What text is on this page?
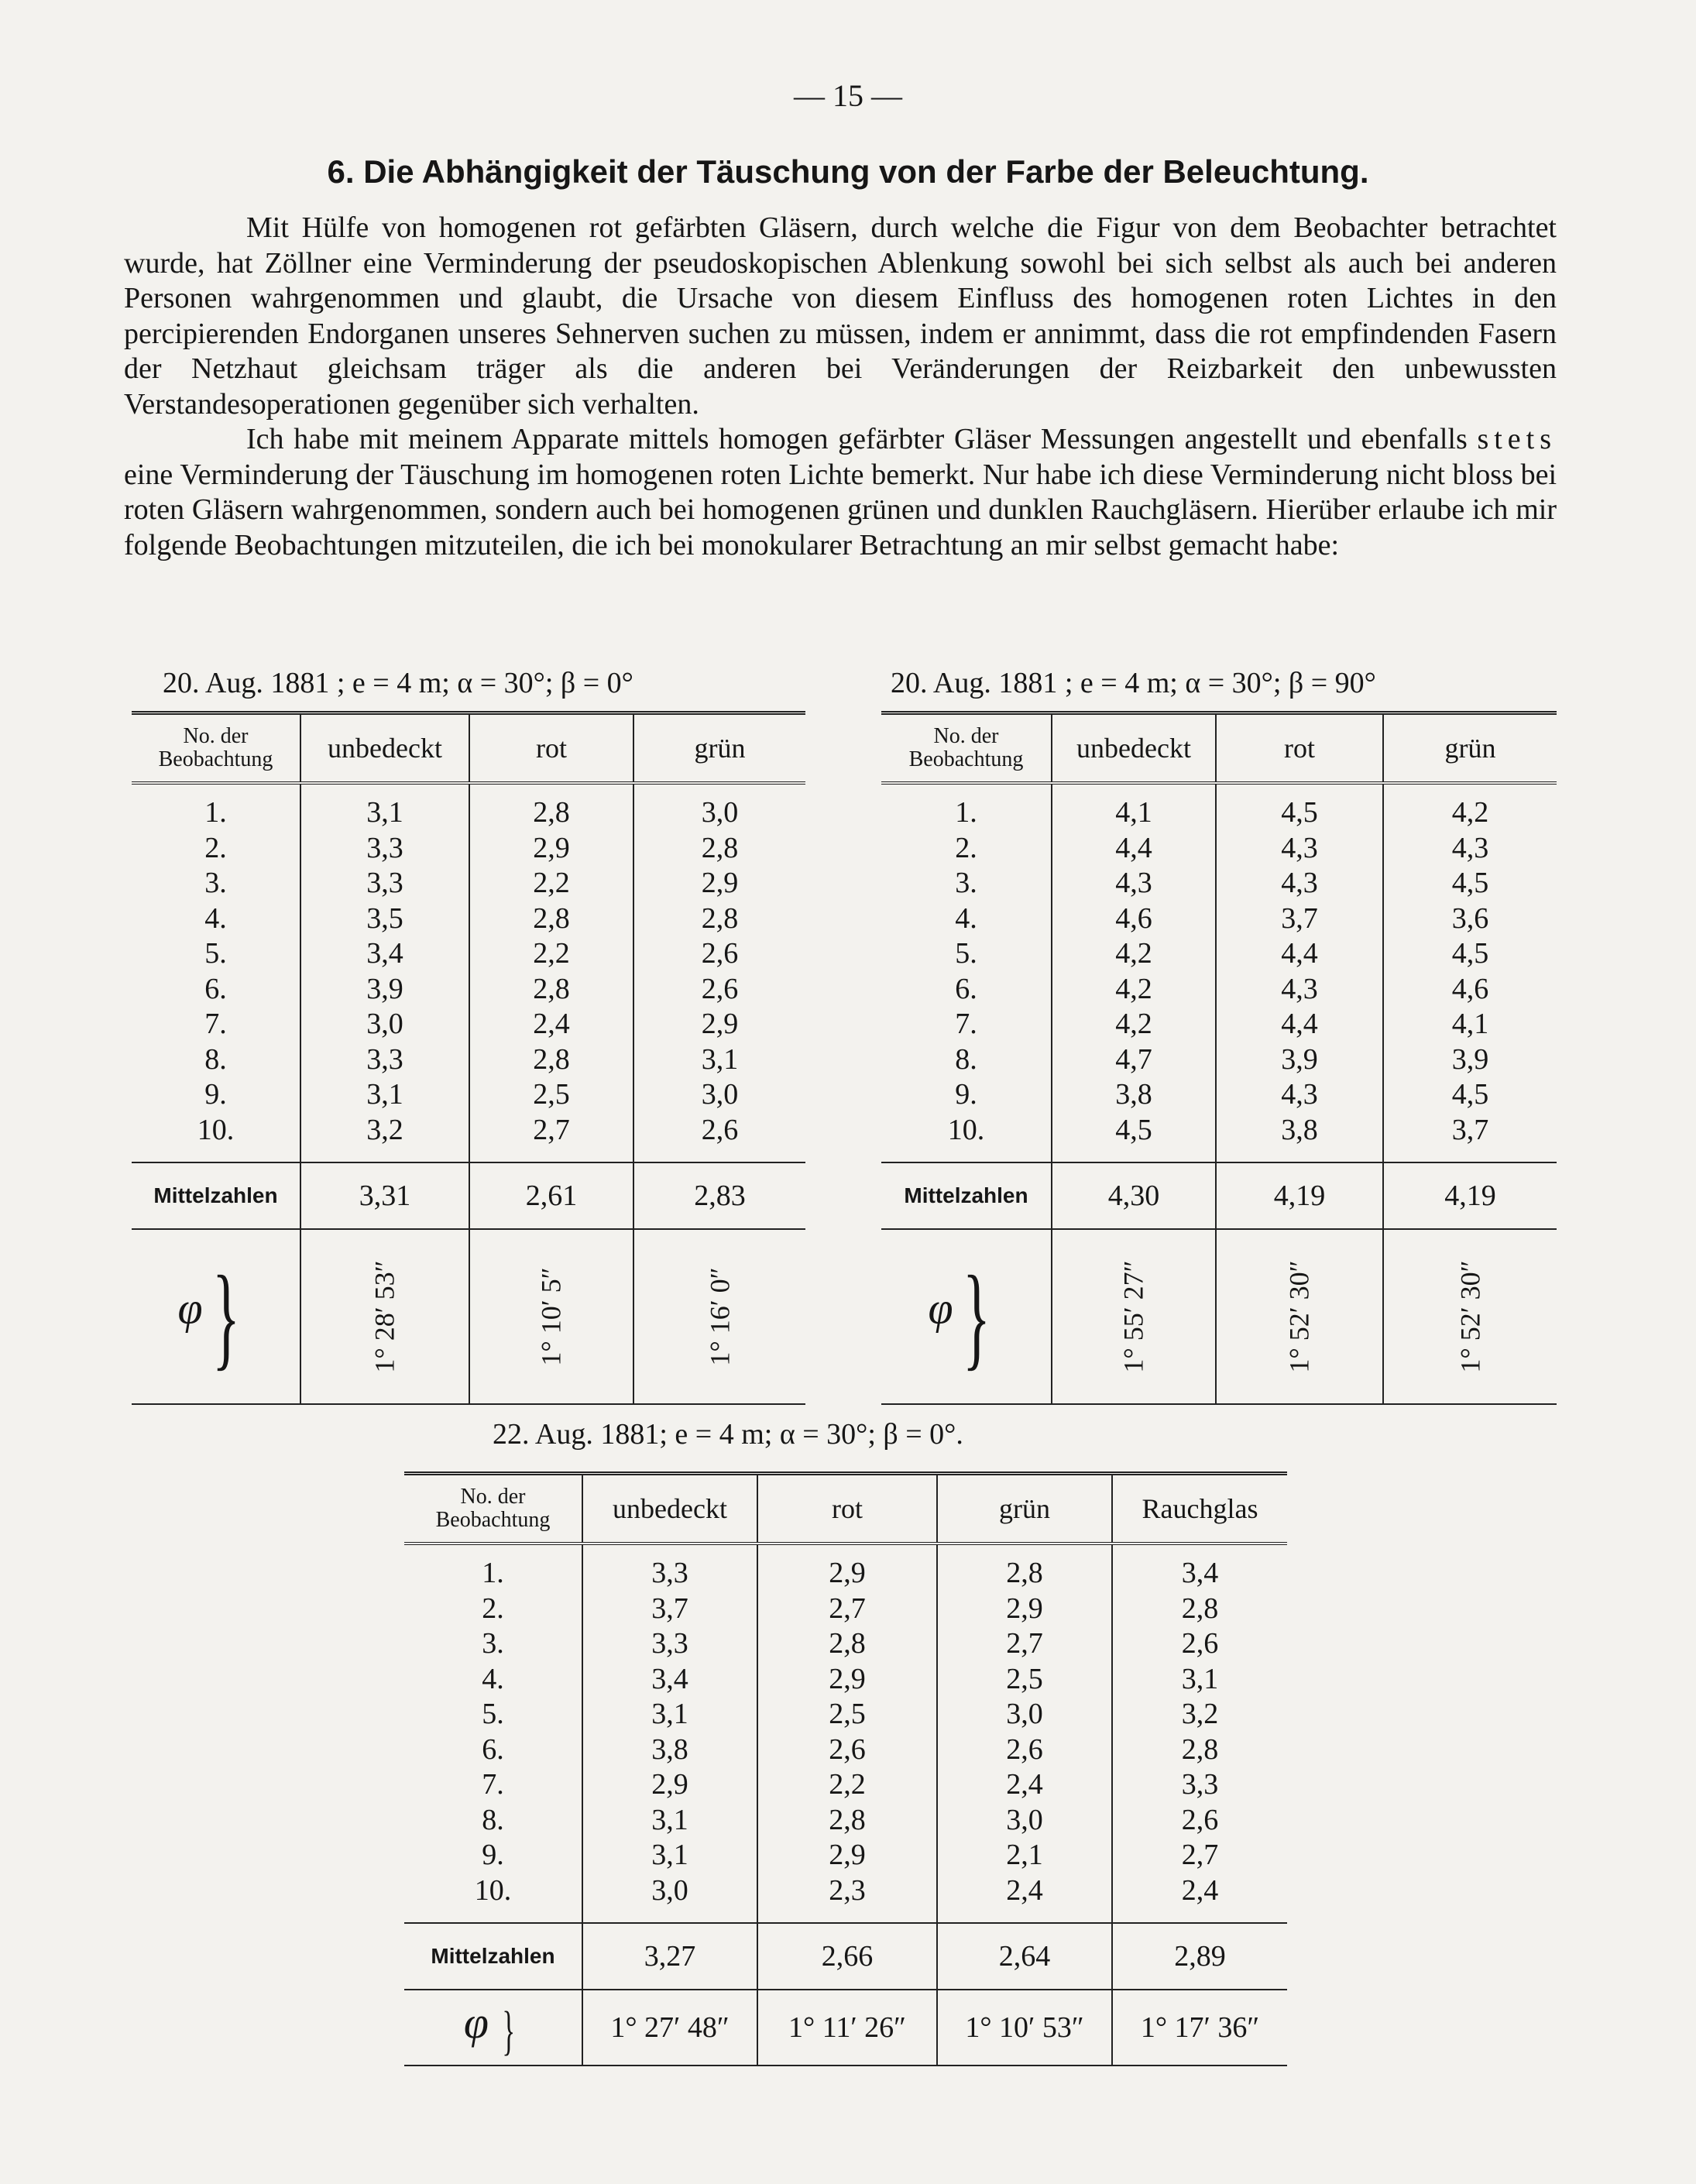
— 15 —
6. Die Abhängigkeit der Täuschung von der Farbe der Beleuchtung.

Mit Hülfe von homogenen rot gefärbten Gläsern, durch welche die Figur von dem Beobachter betrachtet wurde, hat Zöllner eine Verminderung der pseudoskopischen Ablenkung sowohl bei sich selbst als auch bei anderen Personen wahrgenommen und glaubt, die Ursache von diesem Einfluss des homogenen roten Lichtes in den percipierenden Endorganen unseres Sehnerven suchen zu müssen, indem er annimmt, dass die rot empfindenden Fasern der Netzhaut gleichsam träger als die anderen bei Veränderungen der Reizbarkeit den unbewussten Verstandesoperationen gegenüber sich verhalten.

Ich habe mit meinem Apparate mittels homogen gefärbter Gläser Messungen angestellt und ebenfalls stets eine Verminderung der Täuschung im homogenen roten Lichte bemerkt. Nur habe ich diese Verminderung nicht bloss bei roten Gläsern wahrgenommen, sondern auch bei homogenen grünen und dunklen Rauchgläsern. Hierüber erlaube ich mir folgende Beobachtungen mitzuteilen, die ich bei monokularer Betrachtung an mir selbst gemacht habe:

20. Aug. 1881 ; e = 4 m; α = 30°; β = 0°
No. der Beobachtung	unbedeckt	rot	grün
1.	3,1	2,8	3,0
2.	3,3	2,9	2,8
3.	3,3	2,2	2,9
4.	3,5	2,8	2,8
5.	3,4	2,2	2,6
6.	3,9	2,8	2,6
7.	3,0	2,4	2,9
8.	3,3	2,8	3,1
9.	3,1	2,5	3,0
10.	3,2	2,7	2,6
Mittelzahlen	3,31	2,61	2,83
φ}	1° 28′ 53″	1° 10′ 5″	1° 16′ 0″
20. Aug. 1881 ; e = 4 m; α = 30°; β = 90°
No. der Beobachtung	unbedeckt	rot	grün
1.	4,1	4,5	4,2
2.	4,4	4,3	4,3
3.	4,3	4,3	4,5
4.	4,6	3,7	3,6
5.	4,2	4,4	4,5
6.	4,2	4,3	4,6
7.	4,2	4,4	4,1
8.	4,7	3,9	3,9
9.	3,8	4,3	4,5
10.	4,5	3,8	3,7
Mittelzahlen	4,30	4,19	4,19
φ}	1° 55′ 27″	1° 52′ 30″	1° 52′ 30″
22. Aug. 1881; e = 4 m; α = 30°; β = 0°.
No. der Beobachtung	unbedeckt	rot	grün	Rauchglas
1.	3,3	2,9	2,8	3,4
2.	3,7	2,7	2,9	2,8
3.	3,3	2,8	2,7	2,6
4.	3,4	2,9	2,5	3,1
5.	3,1	2,5	3,0	3,2
6.	3,8	2,6	2,6	2,8
7.	2,9	2,2	2,4	3,3
8.	3,1	2,8	3,0	2,6
9.	3,1	2,9	2,1	2,7
10.	3,0	2,3	2,4	2,4
Mittelzahlen	3,27	2,66	2,64	2,89
φ }	1° 27′ 48″	1° 11′ 26″	1° 10′ 53″	1° 17′ 36″
